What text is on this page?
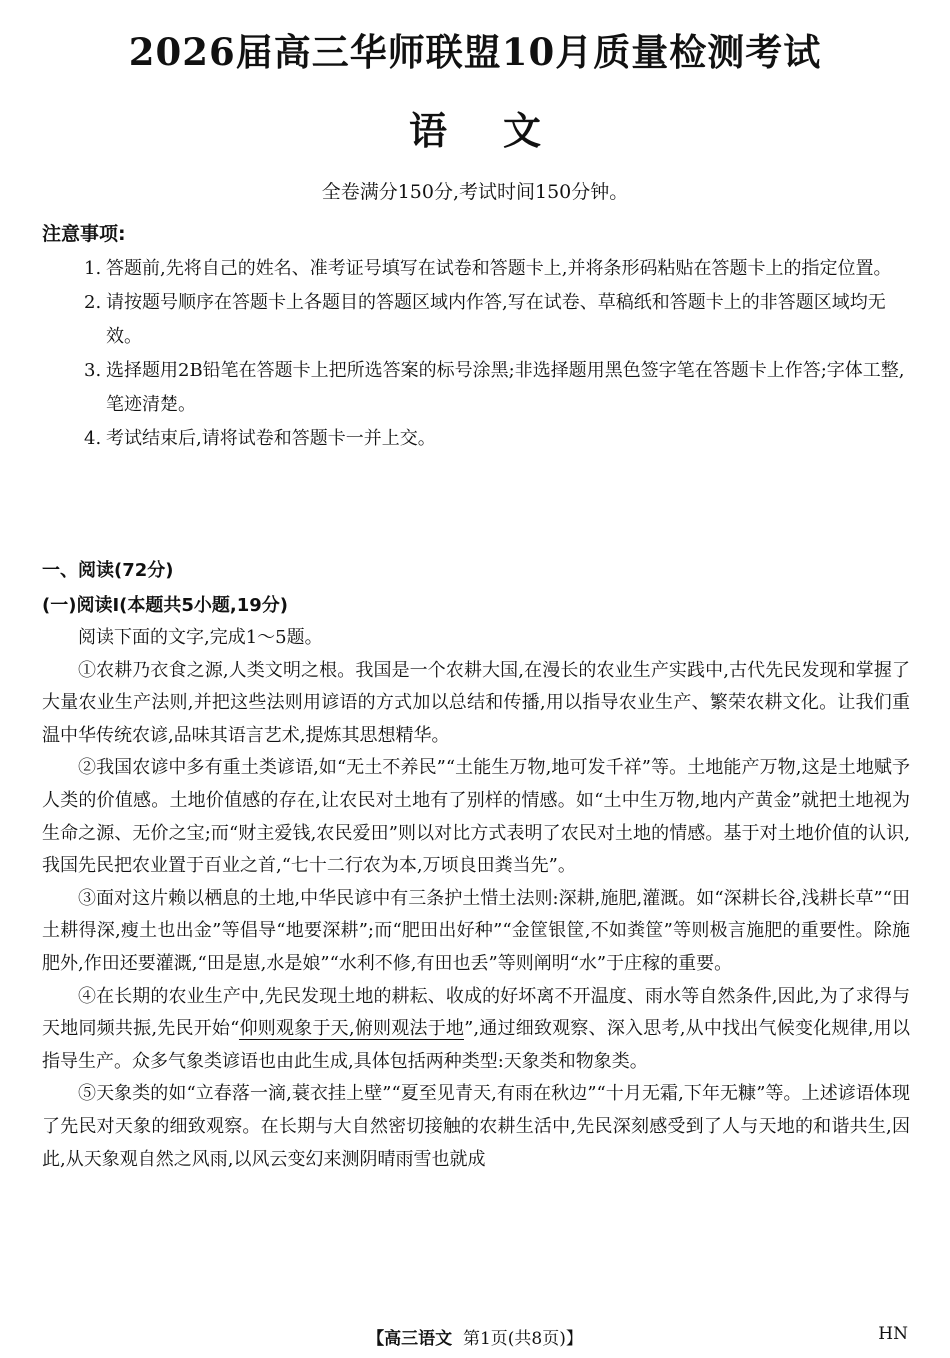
2026届高三华师联盟10月质量检测考试
语 文
全卷满分150分,考试时间150分钟。
注意事项:
1. 答题前,先将自己的姓名、准考证号填写在试卷和答题卡上,并将条形码粘贴在答题卡上的指定位置。
2. 请按题号顺序在答题卡上各题目的答题区域内作答,写在试卷、草稿纸和答题卡上的非答题区域均无效。
3. 选择题用2B铅笔在答题卡上把所选答案的标号涂黑;非选择题用黑色签字笔在答题卡上作答;字体工整,笔迹清楚。
4. 考试结束后,请将试卷和答题卡一并上交。
一、阅读(72分)
(一)阅读Ⅰ(本题共5小题,19分)

阅读下面的文字,完成1～5题。

①农耕乃衣食之源,人类文明之根。我国是一个农耕大国,在漫长的农业生产实践中,古代先民发现和掌握了大量农业生产法则,并把这些法则用谚语的方式加以总结和传播,用以指导农业生产、繁荣农耕文化。让我们重温中华传统农谚,品味其语言艺术,提炼其思想精华。

②我国农谚中多有重土类谚语,如“无土不养民”“土能生万物,地可发千祥”等。土地能产万物,这是土地赋予人类的价值感。土地价值感的存在,让农民对土地有了别样的情感。如“土中生万物,地内产黄金”就把土地视为生命之源、无价之宝;而“财主爱钱,农民爱田”则以对比方式表明了农民对土地的情感。基于对土地价值的认识,我国先民把农业置于百业之首,“七十二行农为本,万顷良田粪当先”。

③面对这片赖以栖息的土地,中华民谚中有三条护土惜土法则:深耕,施肥,灌溉。如“深耕长谷,浅耕长草”“田土耕得深,瘦土也出金”等倡导“地要深耕”;而“肥田出好种”“金筐银筐,不如粪筐”等则极言施肥的重要性。除施肥外,作田还要灌溉,“田是崽,水是娘”“水利不修,有田也丢”等则阐明“水”于庄稼的重要。

④在长期的农业生产中,先民发现土地的耕耘、收成的好坏离不开温度、雨水等自然条件,因此,为了求得与天地同频共振,先民开始“仰则观象于天,俯则观法于地”,通过细致观察、深入思考,从中找出气候变化规律,用以指导生产。众多气象类谚语也由此生成,具体包括两种类型:天象类和物象类。

⑤天象类的如“立春落一滴,蓑衣挂上壁”“夏至见青天,有雨在秋边”“十月无霜,下年无糠”等。上述谚语体现了先民对天象的细致观察。在长期与大自然密切接触的农耕生活中,先民深刻感受到了人与天地的和谐共生,因此,从天象观自然之风雨,以风云变幻来测阴晴雨雪也就成

【高三语文 第1页(共8页)】	HN
